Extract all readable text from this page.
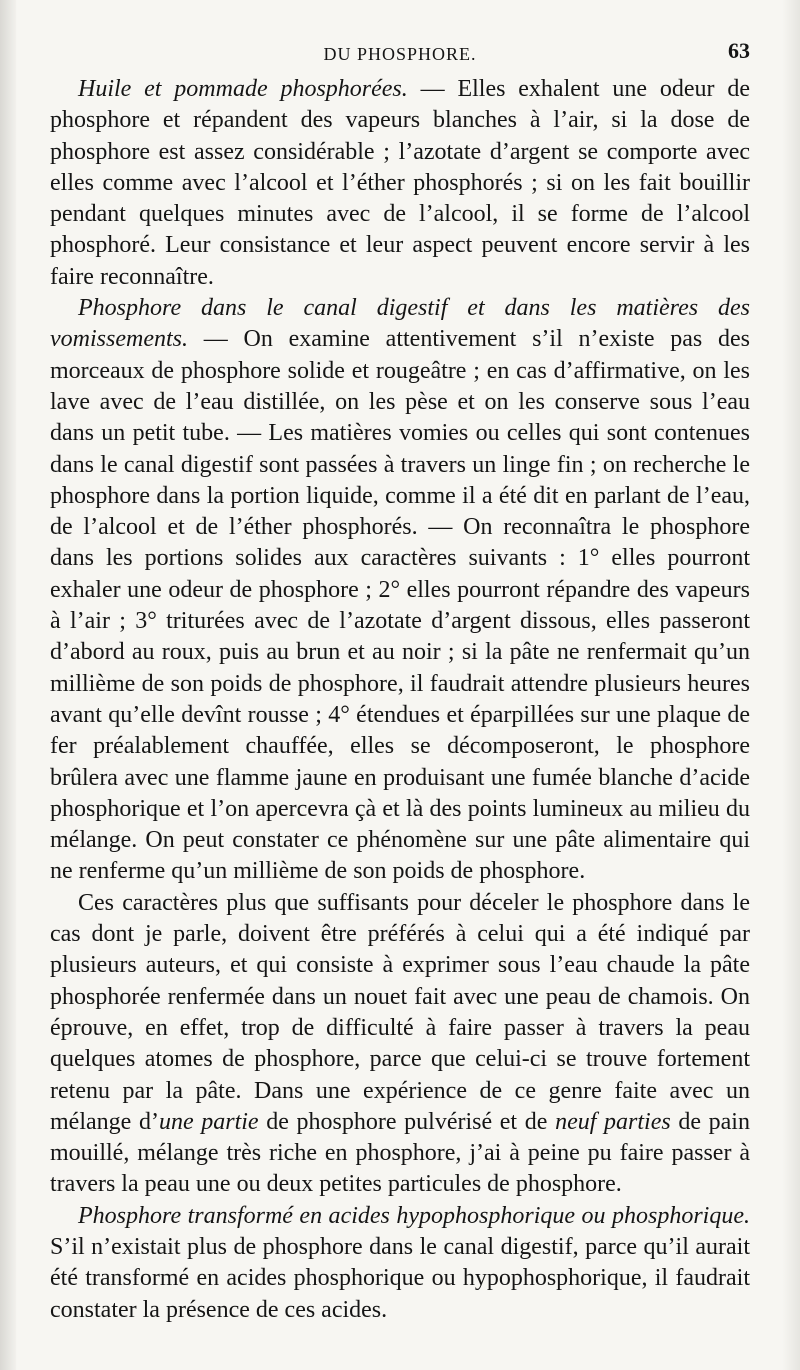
DU PHOSPHORE.	63

Huile et pommade phosphorées. — Elles exhalent une odeur de phosphore et répandent des vapeurs blanches à l’air, si la dose de phosphore est assez considérable ; l’azotate d’argent se comporte avec elles comme avec l’alcool et l’éther phosphorés ; si on les fait bouillir pendant quelques minutes avec de l’alcool, il se forme de l’alcool phosphoré. Leur consistance et leur aspect peuvent encore servir à les faire reconnaître.

Phosphore dans le canal digestif et dans les matières des vomissements. — On examine attentivement s’il n’existe pas des morceaux de phosphore solide et rougeâtre ; en cas d’affirmative, on les lave avec de l’eau distillée, on les pèse et on les conserve sous l’eau dans un petit tube. — Les matières vomies ou celles qui sont contenues dans le canal digestif sont passées à travers un linge fin ; on recherche le phosphore dans la portion liquide, comme il a été dit en parlant de l’eau, de l’alcool et de l’éther phosphorés. — On reconnaîtra le phosphore dans les portions solides aux caractères suivants : 1° elles pourront exhaler une odeur de phosphore ; 2° elles pourront répandre des vapeurs à l’air ; 3° triturées avec de l’azotate d’argent dissous, elles passeront d’abord au roux, puis au brun et au noir ; si la pâte ne renfermait qu’un millième de son poids de phosphore, il faudrait attendre plusieurs heures avant qu’elle devînt rousse ; 4° étendues et éparpillées sur une plaque de fer préalablement chauffée, elles se décomposeront, le phosphore brûlera avec une flamme jaune en produisant une fumée blanche d’acide phosphorique et l’on apercevra çà et là des points lumineux au milieu du mélange. On peut constater ce phénomène sur une pâte alimentaire qui ne renferme qu’un millième de son poids de phosphore.

Ces caractères plus que suffisants pour déceler le phosphore dans le cas dont je parle, doivent être préférés à celui qui a été indiqué par plusieurs auteurs, et qui consiste à exprimer sous l’eau chaude la pâte phosphorée renfermée dans un nouet fait avec une peau de chamois. On éprouve, en effet, trop de difficulté à faire passer à travers la peau quelques atomes de phosphore, parce que celui-ci se trouve fortement retenu par la pâte. Dans une expérience de ce genre faite avec un mélange d’une partie de phosphore pulvérisé et de neuf parties de pain mouillé, mélange très riche en phosphore, j’ai à peine pu faire passer à travers la peau une ou deux petites particules de phosphore.

Phosphore transformé en acides hypophosphorique ou phosphorique. S’il n’existait plus de phosphore dans le canal digestif, parce qu’il aurait été transformé en acides phosphorique ou hypophosphorique, il faudrait constater la présence de ces acides.
